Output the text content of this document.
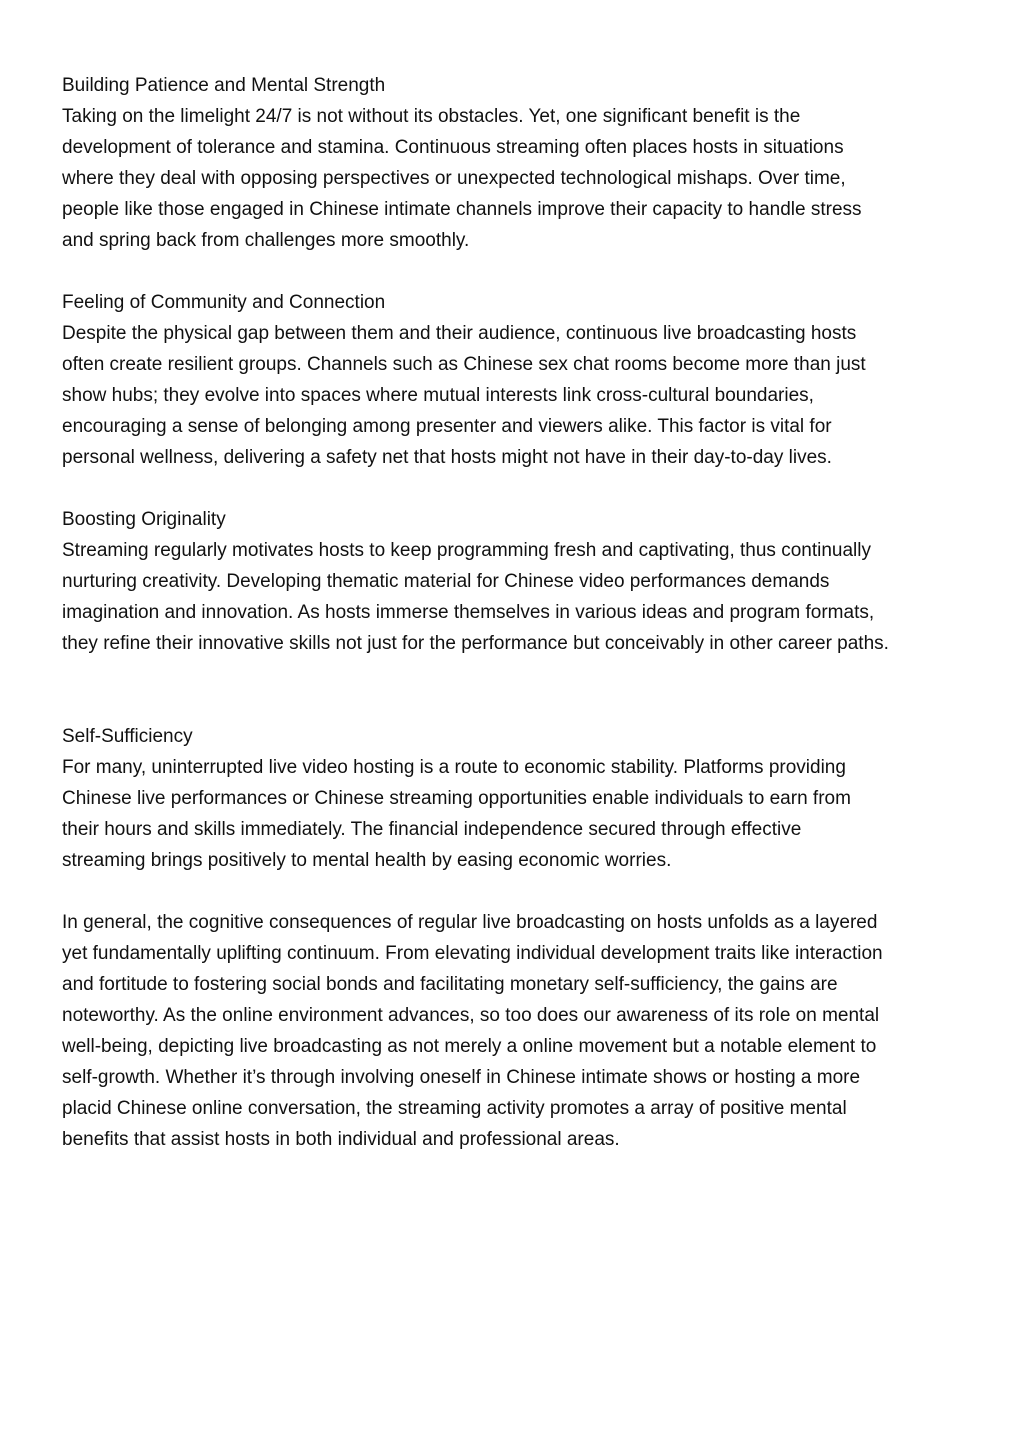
Building Patience and Mental Strength

Taking on the limelight 24/7 is not without its obstacles. Yet, one significant benefit is the

development of tolerance and stamina. Continuous streaming often places hosts in situations

where they deal with opposing perspectives or unexpected technological mishaps. Over time,

people like those engaged in Chinese intimate channels improve their capacity to handle stress

and spring back from challenges more smoothly.

Feeling of Community and Connection

Despite the physical gap between them and their audience, continuous live broadcasting hosts

often create resilient groups. Channels such as Chinese sex chat rooms become more than just

show hubs; they evolve into spaces where mutual interests link cross-cultural boundaries,

encouraging a sense of belonging among presenter and viewers alike. This factor is vital for

personal wellness, delivering a safety net that hosts might not have in their day-to-day lives.

Boosting Originality

Streaming regularly motivates hosts to keep programming fresh and captivating, thus continually

nurturing creativity. Developing thematic material for Chinese video performances demands

imagination and innovation. As hosts immerse themselves in various ideas and program formats,

they refine their innovative skills not just for the performance but conceivably in other career paths.

Self-Sufficiency

For many, uninterrupted live video hosting is a route to economic stability. Platforms providing

Chinese live performances or Chinese streaming opportunities enable individuals to earn from

their hours and skills immediately. The financial independence secured through effective

streaming brings positively to mental health by easing economic worries.

In general, the cognitive consequences of regular live broadcasting on hosts unfolds as a layered

yet fundamentally uplifting continuum. From elevating individual development traits like interaction

and fortitude to fostering social bonds and facilitating monetary self-sufficiency, the gains are

noteworthy. As the online environment advances, so too does our awareness of its role on mental

well-being, depicting live broadcasting as not merely a online movement but a notable element to

self-growth. Whether it’s through involving oneself in Chinese intimate shows or hosting a more

placid Chinese online conversation, the streaming activity promotes a array of positive mental

benefits that assist hosts in both individual and professional areas.
